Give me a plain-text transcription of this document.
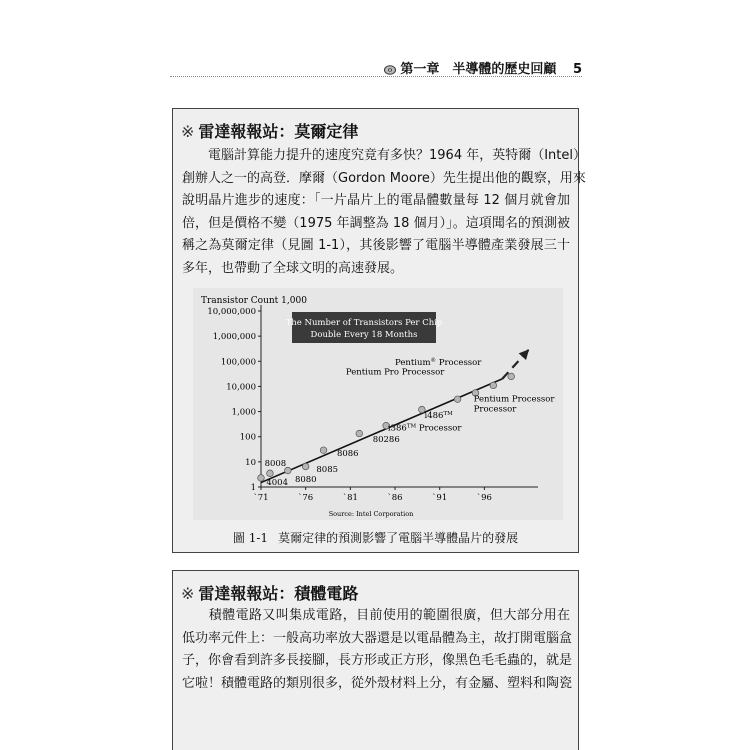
第一章　半導體的歷史回顧 5
※ 雷達報報站：莫爾定律
　　電腦計算能力提升的速度究竟有多快？1964 年，英特爾（Intel）
創辦人之一的高登．摩爾（Gordon Moore）先生提出他的觀察，用來
說明晶片進步的速度：「一片晶片上的電晶體數量每 12 個月就會加
倍，但是價格不變（1975 年調整為 18 個月）」。這項聞名的預測被
稱之為莫爾定律（見圖 1-1），其後影響了電腦半導體產業發展三十
多年，也帶動了全球文明的高速發展。
Transistor Count 1,000
10,000,000
1,000,000
100,000
10,000
1,000
100
10
1
`71	`76	`81	`86	`91	`96
8008
4004 8080
8085
8086
80286
i386™ Processor
i486™ Processor
Pentium Processor
Pentium® Processor
Pentium Pro Processor
The Number of Transistors Per Chip
Double Every 18 Months
Source: Intel Corporation
圖 1-1 莫爾定律的預測影響了電腦半導體晶片的發展
※ 雷達報報站：積體電路
　　積體電路又叫集成電路，目前使用的範圍很廣，但大部分用在
低功率元件上：一般高功率放大器還是以電晶體為主，故打開電腦盒
子，你會看到許多長接腳，長方形或正方形，像黑色毛毛蟲的，就是
它啦！積體電路的類別很多，從外殼材料上分，有金屬、塑料和陶瓷
